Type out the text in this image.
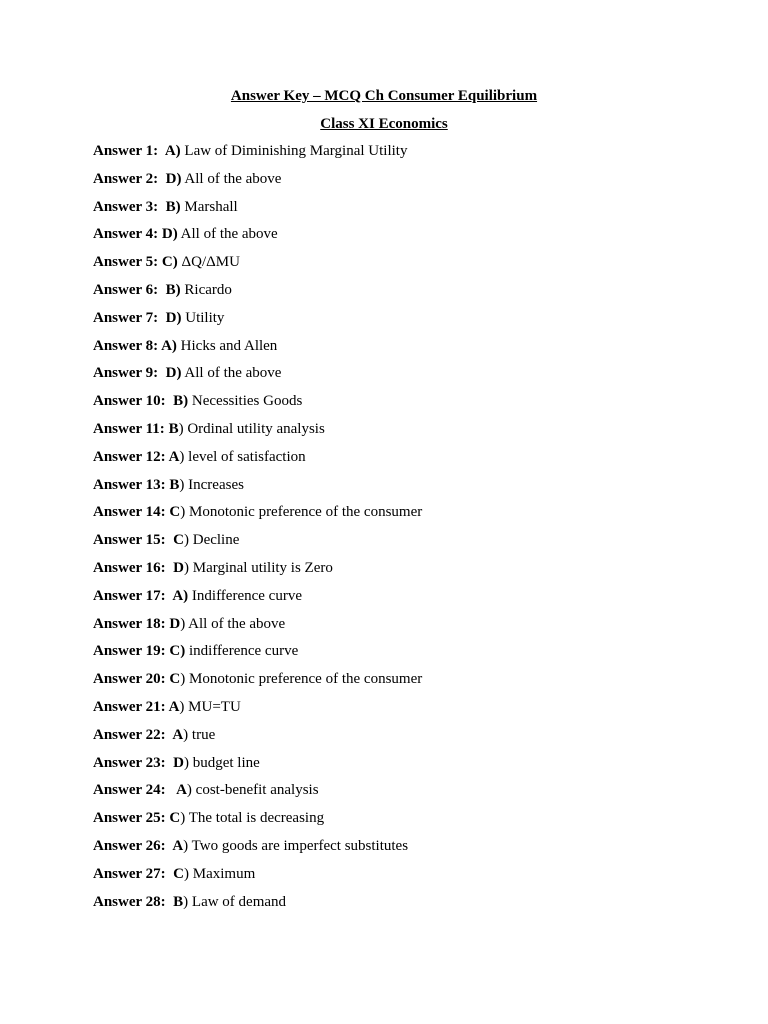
Answer Key – MCQ Ch Consumer Equilibrium
Class XI Economics
Answer 1:  A) Law of Diminishing Marginal Utility
Answer 2:  D) All of the above
Answer 3:  B) Marshall
Answer 4: D) All of the above
Answer 5: C) ΔQ/ΔMU
Answer 6:  B) Ricardo
Answer 7:  D) Utility
Answer 8: A) Hicks and Allen
Answer 9:  D) All of the above
Answer 10:  B) Necessities Goods
Answer 11: B) Ordinal utility analysis
Answer 12: A) level of satisfaction
Answer 13: B) Increases
Answer 14: C) Monotonic preference of the consumer
Answer 15:  C) Decline
Answer 16:  D) Marginal utility is Zero
Answer 17:  A) Indifference curve
Answer 18: D) All of the above
Answer 19: C) indifference curve
Answer 20: C) Monotonic preference of the consumer
Answer 21: A) MU=TU
Answer 22:  A) true
Answer 23:  D) budget line
Answer 24:   A) cost-benefit analysis
Answer 25: C) The total is decreasing
Answer 26:  A) Two goods are imperfect substitutes
Answer 27:  C) Maximum
Answer 28:  B) Law of demand
